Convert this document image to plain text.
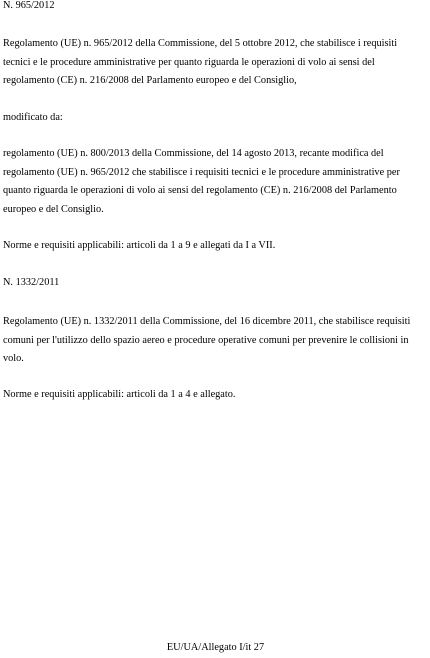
N. 965/2012

Regolamento (UE) n. 965/2012 della Commissione, del 5 ottobre 2012, che stabilisce i requisiti tecnici e le procedure amministrative per quanto riguarda le operazioni di volo ai sensi del regolamento (CE) n. 216/2008 del Parlamento europeo e del Consiglio,

modificato da:

regolamento (UE) n. 800/2013 della Commissione, del 14 agosto 2013, recante modifica del regolamento (UE) n. 965/2012 che stabilisce i requisiti tecnici e le procedure amministrative per quanto riguarda le operazioni di volo ai sensi del regolamento (CE) n. 216/2008 del Parlamento europeo e del Consiglio.

Norme e requisiti applicabili: articoli da 1 a 9 e allegati da I a VII.

N. 1332/2011

Regolamento (UE) n. 1332/2011 della Commissione, del 16 dicembre 2011, che stabilisce requisiti comuni per l'utilizzo dello spazio aereo e procedure operative comuni per prevenire le collisioni in volo.

Norme e requisiti applicabili: articoli da 1 a 4 e allegato.

EU/UA/Allegato I/it 27
